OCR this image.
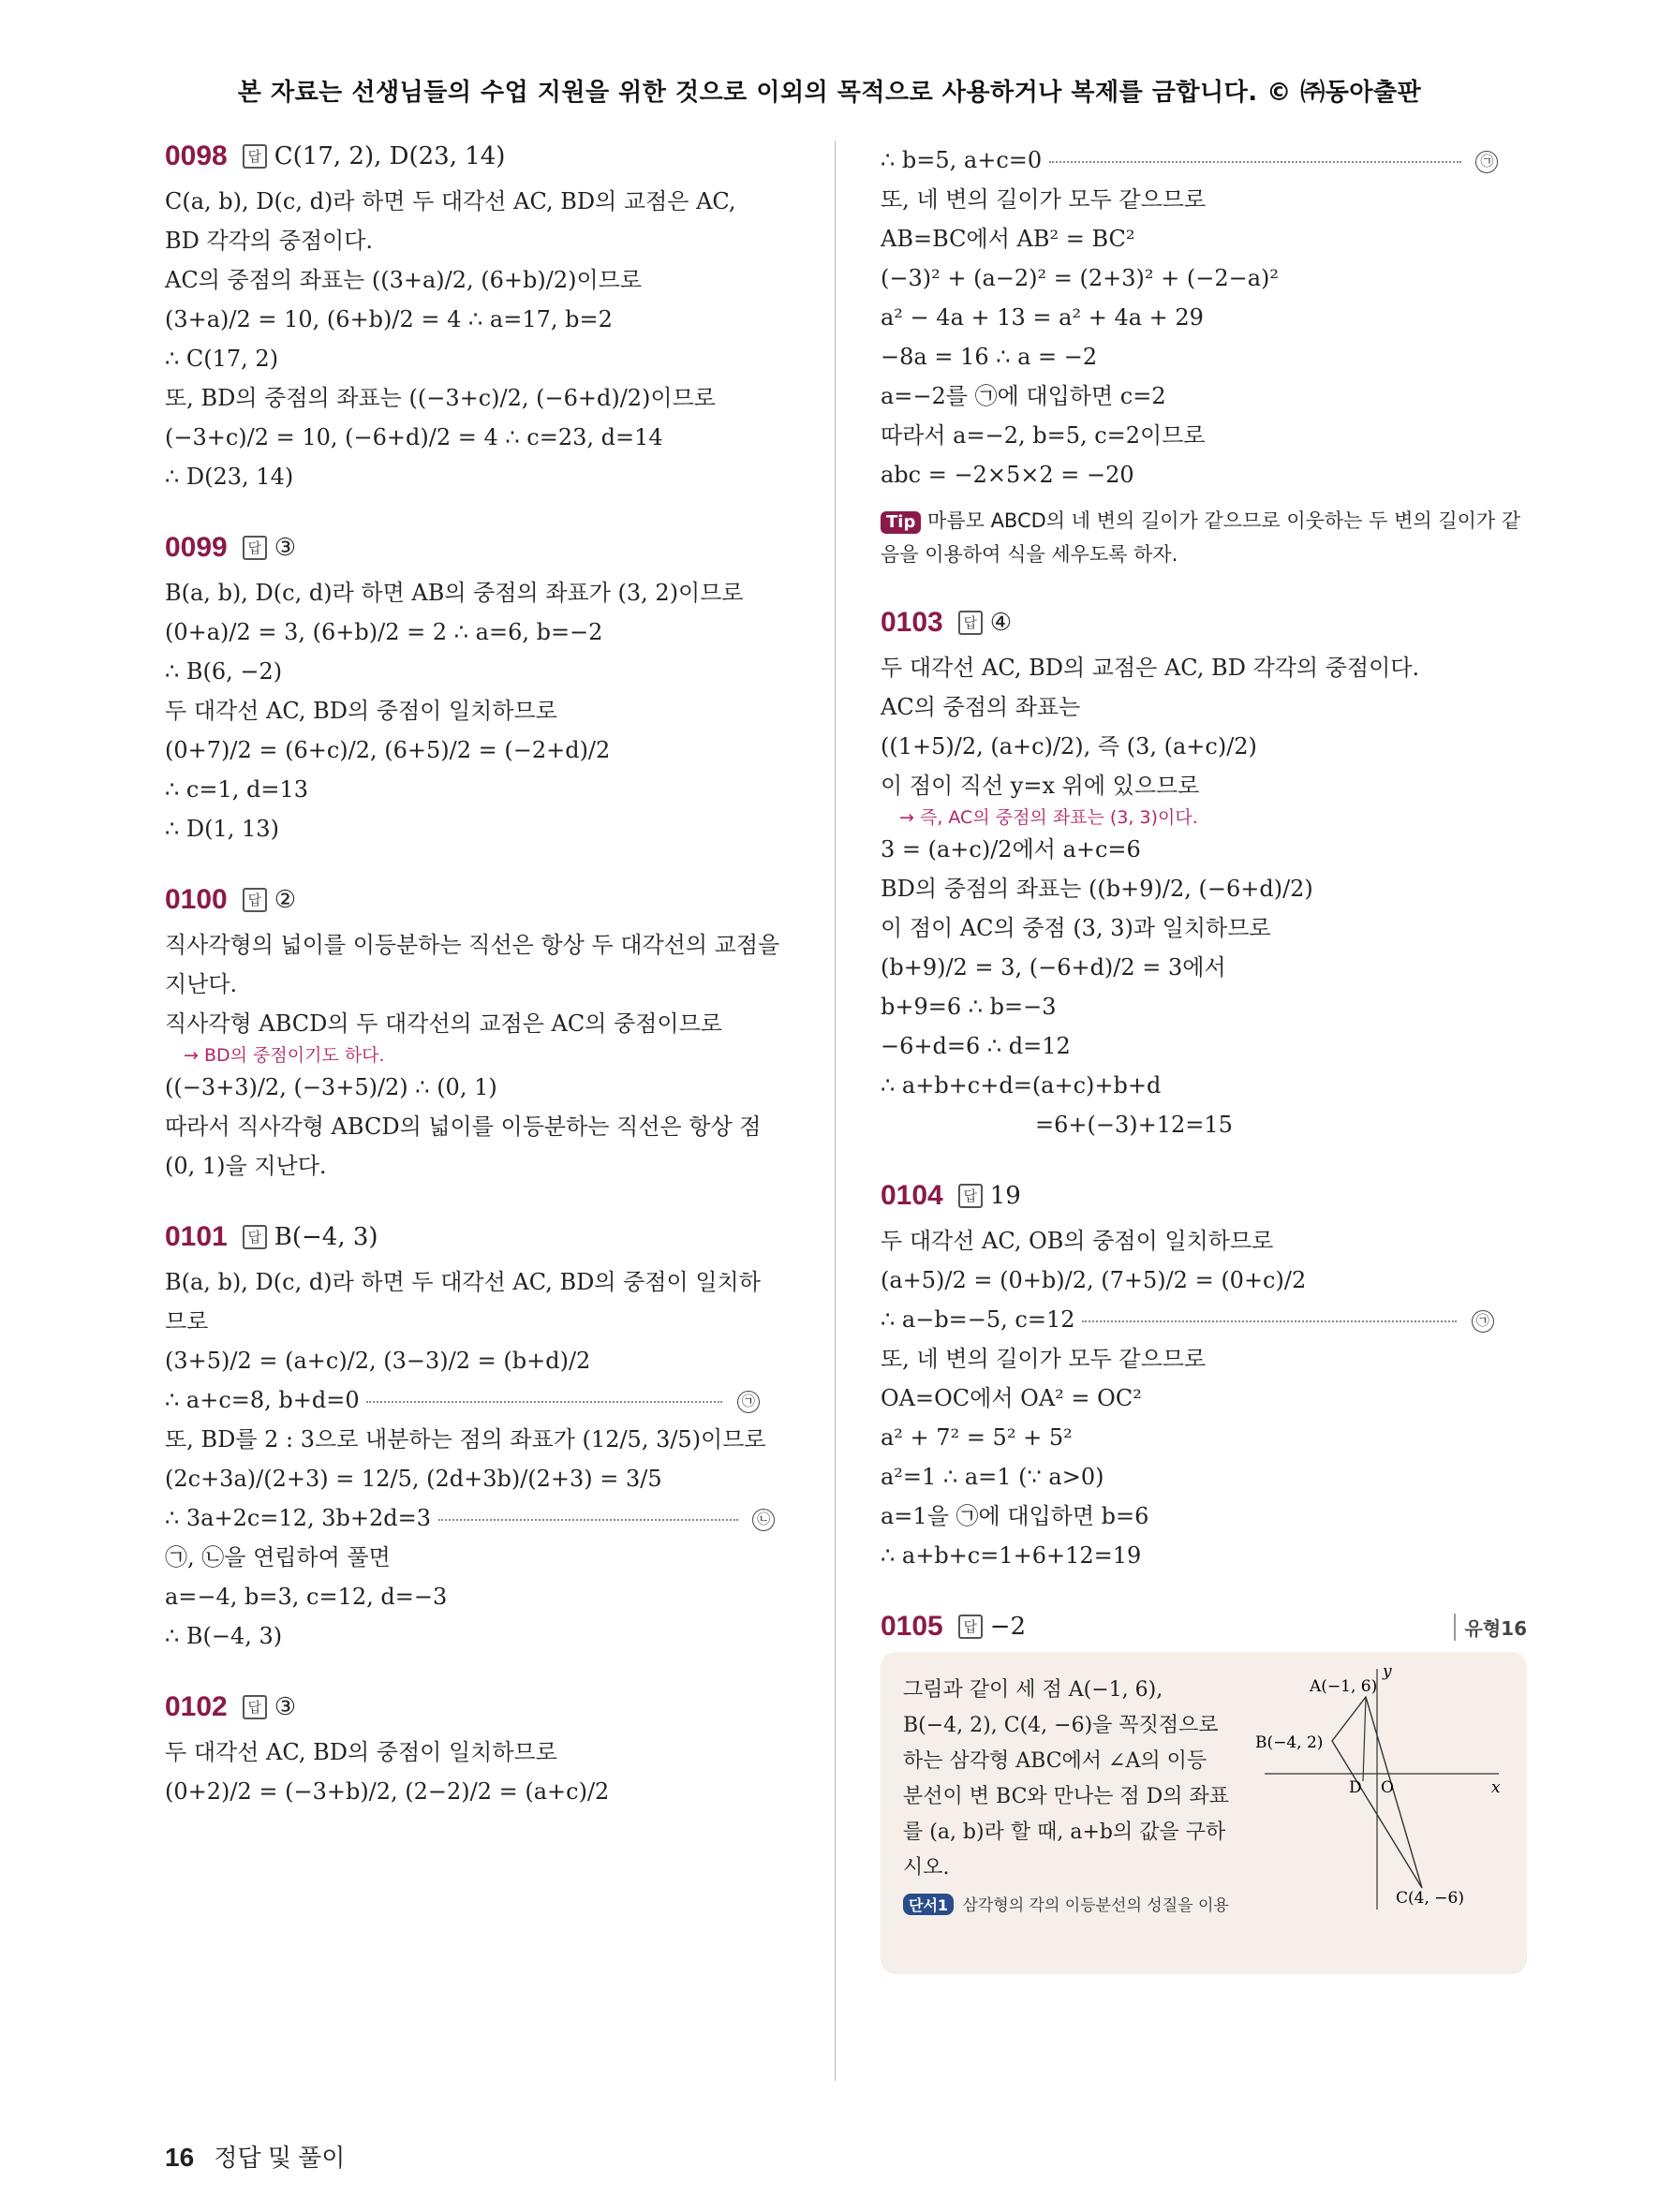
본 자료는 선생님들의 수업 지원을 위한 것으로 이외의 목적으로 사용하거나 복제를 금합니다. © ㈜동아출판
0098	답 C(17, 2), D(23, 14)
C(a, b), D(c, d)라 하면 두 대각선 AC, BD의 교점은 AC,
BD 각각의 중점이다.
AC의 중점의 좌표는 ((3+a)/2, (6+b)/2)이므로
(3+a)/2 = 10, (6+b)/2 = 4 ∴ a=17, b=2
∴ C(17, 2)
또, BD의 중점의 좌표는 ((−3+c)/2, (−6+d)/2)이므로
(−3+c)/2 = 10, (−6+d)/2 = 4 ∴ c=23, d=14
∴ D(23, 14)
0099	답 ③
B(a, b), D(c, d)라 하면 AB의 중점의 좌표가 (3, 2)이므로
(0+a)/2 = 3, (6+b)/2 = 2 ∴ a=6, b=−2
∴ B(6, −2)
두 대각선 AC, BD의 중점이 일치하므로
(0+7)/2 = (6+c)/2, (6+5)/2 = (−2+d)/2
∴ c=1, d=13
∴ D(1, 13)
0100	답 ②
직사각형의 넓이를 이등분하는 직선은 항상 두 대각선의 교점을
지난다.
직사각형 ABCD의 두 대각선의 교점은 AC의 중점이므로
→ BD의 중점이기도 하다.
((−3+3)/2, (−3+5)/2) ∴ (0, 1)
따라서 직사각형 ABCD의 넓이를 이등분하는 직선은 항상 점
(0, 1)을 지난다.
0101	답 B(−4, 3)
B(a, b), D(c, d)라 하면 두 대각선 AC, BD의 중점이 일치하
므로
(3+5)/2 = (a+c)/2, (3−3)/2 = (b+d)/2
∴ a+c=8, b+d=0	㉠
또, BD를 2 : 3으로 내분하는 점의 좌표가 (12/5, 3/5)이므로
(2c+3a)/(2+3) = 12/5, (2d+3b)/(2+3) = 3/5
∴ 3a+2c=12, 3b+2d=3	㉡
㉠, ㉡을 연립하여 풀면
a=−4, b=3, c=12, d=−3
∴ B(−4, 3)
0102	답 ③
두 대각선 AC, BD의 중점이 일치하므로
(0+2)/2 = (−3+b)/2, (2−2)/2 = (a+c)/2
∴ b=5, a+c=0	㉠
또, 네 변의 길이가 모두 같으므로
AB=BC에서 AB² = BC²
(−3)² + (a−2)² = (2+3)² + (−2−a)²
a² − 4a + 13 = a² + 4a + 29
−8a = 16 ∴ a = −2
a=−2를 ㉠에 대입하면 c=2
따라서 a=−2, b=5, c=2이므로
abc = −2×5×2 = −20
Tip 마름모 ABCD의 네 변의 길이가 같으므로 이웃하는 두 변의 길이가 같음을 이용하여 식을 세우도록 하자.
0103	답 ④
두 대각선 AC, BD의 교점은 AC, BD 각각의 중점이다.
AC의 중점의 좌표는
((1+5)/2, (a+c)/2), 즉 (3, (a+c)/2)
이 점이 직선 y=x 위에 있으므로
→ 즉, AC의 중점의 좌표는 (3, 3)이다.
3 = (a+c)/2에서 a+c=6
BD의 중점의 좌표는 ((b+9)/2, (−6+d)/2)
이 점이 AC의 중점 (3, 3)과 일치하므로
(b+9)/2 = 3, (−6+d)/2 = 3에서
b+9=6 ∴ b=−3
−6+d=6 ∴ d=12
∴ a+b+c+d=(a+c)+b+d
=6+(−3)+12=15
0104	답 19
두 대각선 AC, OB의 중점이 일치하므로
(a+5)/2 = (0+b)/2, (7+5)/2 = (0+c)/2
∴ a−b=−5, c=12	㉠
또, 네 변의 길이가 모두 같으므로
OA=OC에서 OA² = OC²
a² + 7² = 5² + 5²
a²=1 ∴ a=1 (∵ a>0)
a=1을 ㉠에 대입하면 b=6
∴ a+b+c=1+6+12=19
0105	답 −2	유형16
그림과 같이 세 점 A(−1, 6),
B(−4, 2), C(4, −6)을 꼭짓점으로
하는 삼각형 ABC에서 ∠A의 이등
분선이 변 BC와 만나는 점 D의 좌표
를 (a, b)라 할 때, a+b의 값을 구하
시오.
단서1 삼각형의 각의 이등분선의 성질을 이용
A(−1, 6)
B(−4, 2)
C(4, −6)
D O	x
y
16 정답 및 풀이
